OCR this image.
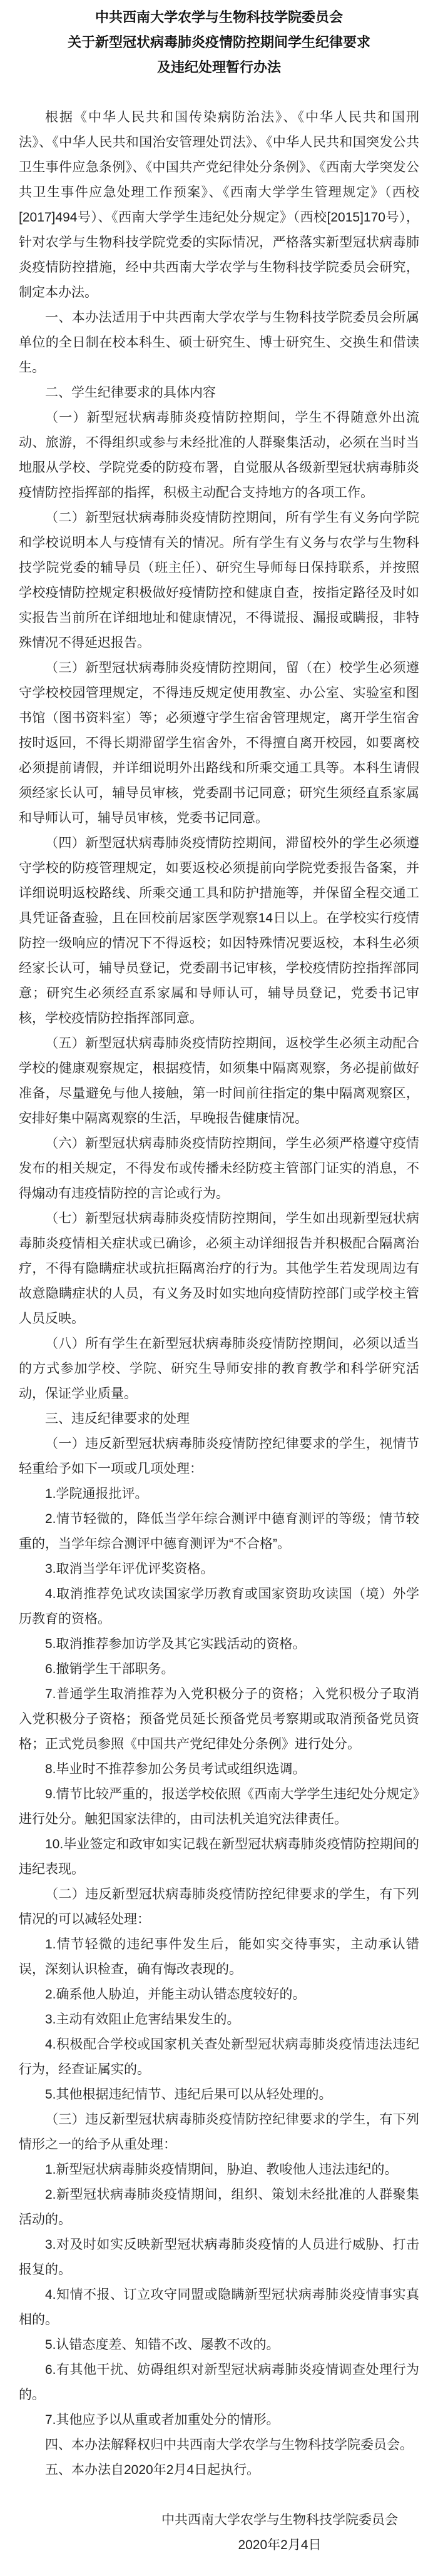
中共西南大学农学与生物科技学院委员会
关于新型冠状病毒肺炎疫情防控期间学生纪律要求
及违纪处理暂行办法

根据《中华人民共和国传染病防治法》、《中华人民共和国刑法》、《中华人民共和国治安管理处罚法》、《中华人民共和国突发公共卫生事件应急条例》、《中国共产党纪律处分条例》、《西南大学突发公共卫生事件应急处理工作预案》、《西南大学学生管理规定》（西校[2017]494号）、《西南大学学生违纪处分规定》（西校[2015]170号），针对农学与生物科技学院党委的实际情况，严格落实新型冠状病毒肺炎疫情防控措施，经中共西南大学农学与生物科技学院委员会研究，制定本办法。

一、本办法适用于中共西南大学农学与生物科技学院委员会所属单位的全日制在校本科生、硕士研究生、博士研究生、交换生和借读生。

二、学生纪律要求的具体内容

（一）新型冠状病毒肺炎疫情防控期间，学生不得随意外出流动、旅游，不得组织或参与未经批准的人群聚集活动，必须在当时当地服从学校、学院党委的防疫布署，自觉服从各级新型冠状病毒肺炎疫情防控指挥部的指挥，积极主动配合支持地方的各项工作。

（二）新型冠状病毒肺炎疫情防控期间，所有学生有义务向学院和学校说明本人与疫情有关的情况。所有学生有义务与农学与生物科技学院党委的辅导员（班主任）、研究生导师每日保持联系，并按照学校疫情防控规定积极做好疫情防控和健康自查，按指定路径及时如实报告当前所在详细地址和健康情况，不得谎报、漏报或瞒报，非特殊情况不得延迟报告。

（三）新型冠状病毒肺炎疫情防控期间，留（在）校学生必须遵守学校校园管理规定，不得违反规定使用教室、办公室、实验室和图书馆（图书资料室）等；必须遵守学生宿舍管理规定，离开学生宿舍按时返回，不得长期滞留学生宿舍外，不得擅自离开校园，如要离校必须提前请假，并详细说明外出路线和所乘交通工具等。本科生请假须经家长认可，辅导员审核，党委副书记同意；研究生须经直系家属和导师认可，辅导员审核，党委书记同意。

（四）新型冠状病毒肺炎疫情防控期间，滞留校外的学生必须遵守学校的防疫管理规定，如要返校必须提前向学院党委报告备案，并详细说明返校路线、所乘交通工具和防护措施等，并保留全程交通工具凭证备查验，且在回校前居家医学观察14日以上。在学校实行疫情防控一级响应的情况下不得返校；如因特殊情况要返校，本科生必须经家长认可，辅导员登记，党委副书记审核，学校疫情防控指挥部同意；研究生必须经直系家属和导师认可，辅导员登记，党委书记审核，学校疫情防控指挥部同意。

（五）新型冠状病毒肺炎疫情防控期间，返校学生必须主动配合学校的健康观察规定，根据疫情，如须集中隔离观察，务必提前做好准备，尽量避免与他人接触，第一时间前往指定的集中隔离观察区，安排好集中隔离观察的生活，早晚报告健康情况。

（六）新型冠状病毒肺炎疫情防控期间，学生必须严格遵守疫情发布的相关规定，不得发布或传播未经防疫主管部门证实的消息，不得煽动有违疫情防控的言论或行为。

（七）新型冠状病毒肺炎疫情防控期间，学生如出现新型冠状病毒肺炎疫情相关症状或已确诊，必须主动详细报告并积极配合隔离治疗，不得有隐瞒症状或抗拒隔离治疗的行为。其他学生若发现周边有故意隐瞒症状的人员，有义务及时如实地向疫情防控部门或学校主管人员反映。

（八）所有学生在新型冠状病毒肺炎疫情防控期间，必须以适当的方式参加学校、学院、研究生导师安排的教育教学和科学研究活动，保证学业质量。

三、违反纪律要求的处理

（一）违反新型冠状病毒肺炎疫情防控纪律要求的学生，视情节轻重给予如下一项或几项处理：

1.学院通报批评。

2.情节轻微的，降低当学年综合测评中德育测评的等级；情节较重的，当学年综合测评中德育测评为“不合格”。

3.取消当学年评优评奖资格。

4.取消推荐免试攻读国家学历教育或国家资助攻读国（境）外学历教育的资格。

5.取消推荐参加访学及其它实践活动的资格。

6.撤销学生干部职务。

7.普通学生取消推荐为入党积极分子的资格；入党积极分子取消入党积极分子资格；预备党员延长预备党员考察期或取消预备党员资格；正式党员参照《中国共产党纪律处分条例》进行处分。

8.毕业时不推荐参加公务员考试或组织选调。

9.情节比较严重的，报送学校依照《西南大学学生违纪处分规定》进行处分。触犯国家法律的，由司法机关追究法律责任。

10.毕业签定和政审如实记载在新型冠状病毒肺炎疫情防控期间的违纪表现。

（二）违反新型冠状病毒肺炎疫情防控纪律要求的学生，有下列情况的可以减轻处理：

1.情节轻微的违纪事件发生后，能如实交待事实，主动承认错误，深刻认识检查，确有悔改表现的。

2.确系他人胁迫，并能主动认错态度较好的。

3.主动有效阻止危害结果发生的。

4.积极配合学校或国家机关查处新型冠状病毒肺炎疫情违法违纪行为，经查证属实的。

5.其他根据违纪情节、违纪后果可以从轻处理的。

（三）违反新型冠状病毒肺炎疫情防控纪律要求的学生，有下列情形之一的给予从重处理：

1.新型冠状病毒肺炎疫情期间，胁迫、教唆他人违法违纪的。

2.新型冠状病毒肺炎疫情期间，组织、策划未经批准的人群聚集活动的。

3.对及时如实反映新型冠状病毒肺炎疫情的人员进行威胁、打击报复的。

4.知情不报、订立攻守同盟或隐瞒新型冠状病毒肺炎疫情事实真相的。

5.认错态度差、知错不改、屡教不改的。

6.有其他干扰、妨碍组织对新型冠状病毒肺炎疫情调查处理行为的。

7.其他应予以从重或者加重处分的情形。

四、本办法解释权归中共西南大学农学与生物科技学院委员会。

五、本办法自2020年2月4日起执行。

中共西南大学农学与生物科技学院委员会
2020年2月4日
